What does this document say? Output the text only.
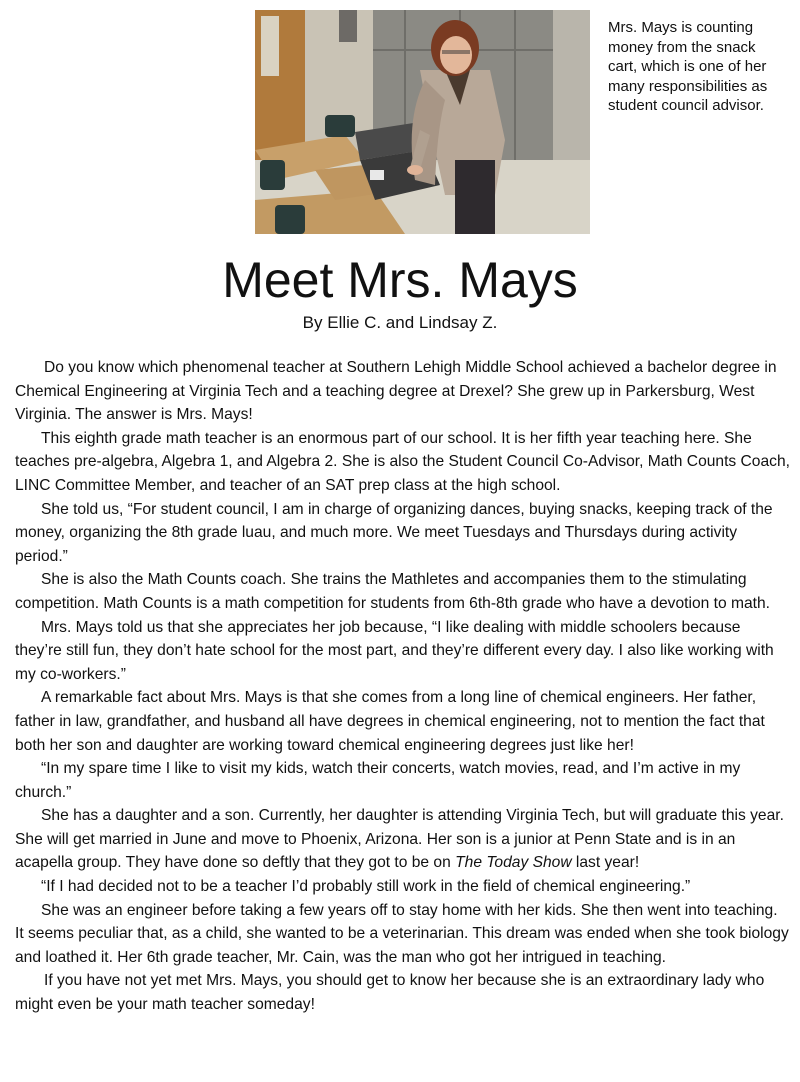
Mrs. Mays is counting money from the snack cart, which is one of her many responsibilities as student council advisor.
Meet Mrs. Mays
By Ellie C. and Lindsay Z.

Do you know which phenomenal teacher at Southern Lehigh Middle School achieved a bachelor degree in Chemical Engineering at Virginia Tech and a teaching degree at Drexel? She grew up in Parkersburg, West Virginia. The answer is Mrs. Mays!

This eighth grade math teacher is an enormous part of our school. It is her fifth year teaching here. She teaches pre-algebra, Algebra 1, and Algebra 2. She is also the Student Council Co-Advisor, Math Counts Coach, LINC Committee Member, and teacher of an SAT prep class at the high school.

She told us, “For student council, I am in charge of organizing dances, buying snacks, keeping track of the money, organizing the 8th grade luau, and much more. We meet Tuesdays and Thursdays during activity period.”

She is also the Math Counts coach. She trains the Mathletes and accompanies them to the stimulating competition. Math Counts is a math competition for students from 6th-8th grade who have a devotion to math.

Mrs. Mays told us that she appreciates her job because, “I like dealing with middle schoolers because they’re still fun, they don’t hate school for the most part, and they’re different every day. I also like working with my co-workers.”

A remarkable fact about Mrs. Mays is that she comes from a long line of chemical engineers. Her father, father in law, grandfather, and husband all have degrees in chemical engineering, not to mention the fact that both her son and daughter are working toward chemical engineering degrees just like her!

“In my spare time I like to visit my kids, watch their concerts, watch movies, read, and I’m active in my church.”

She has a daughter and a son. Currently, her daughter is attending Virginia Tech, but will graduate this year. She will get married in June and move to Phoenix, Arizona. Her son is a junior at Penn State and is in an acapella group. They have done so deftly that they got to be on The Today Show last year!

“If I had decided not to be a teacher I’d probably still work in the field of chemical engineering.”

She was an engineer before taking a few years off to stay home with her kids. She then went into teaching. It seems peculiar that, as a child, she wanted to be a veterinarian. This dream was ended when she took biology and loathed it. Her 6th grade teacher, Mr. Cain, was the man who got her intrigued in teaching.

If you have not yet met Mrs. Mays, you should get to know her because she is an extraordinary lady who might even be your math teacher someday!
